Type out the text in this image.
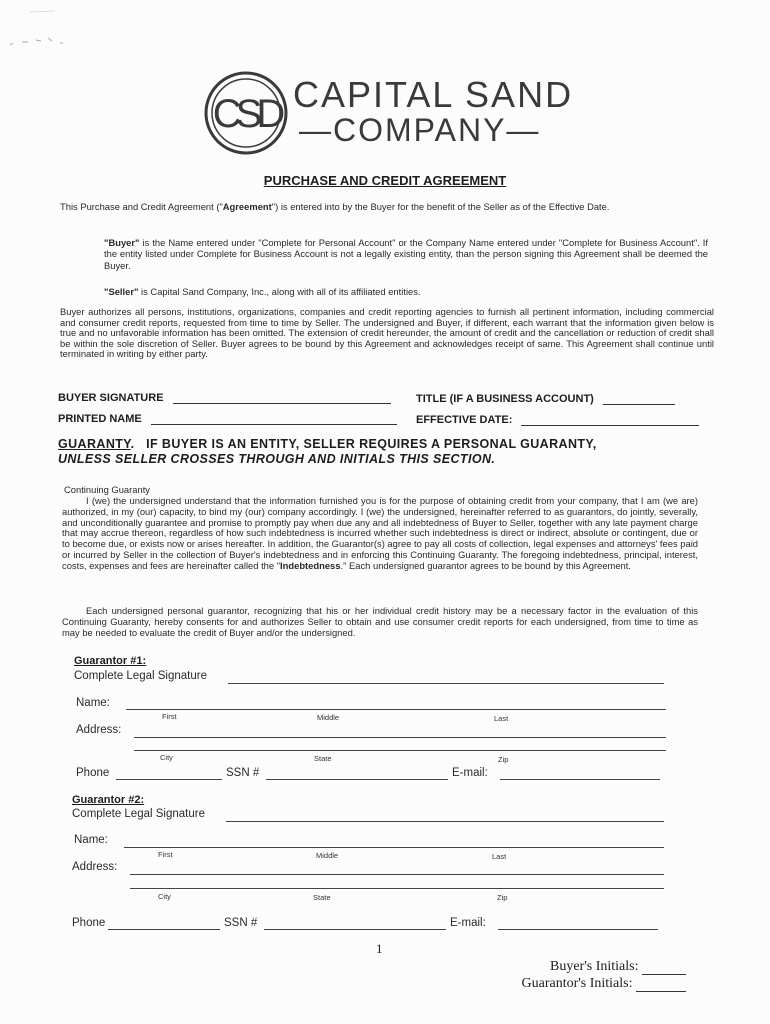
CSD CAPITAL SAND
—COMPANY—
PURCHASE AND CREDIT AGREEMENT
This Purchase and Credit Agreement ("Agreement") is entered into by the Buyer for the benefit of the Seller as of the Effective Date.
"Buyer" is the Name entered under "Complete for Personal Account" or the Company Name entered under "Complete for Business Account". If the entity listed under Complete for Business Account is not a legally existing entity, than the person signing this Agreement shall be deemed the Buyer.
"Seller" is Capital Sand Company, Inc., along with all of its affiliated entities.
Buyer authorizes all persons, institutions, organizations, companies and credit reporting agencies to furnish all pertinent information, including commercial and consumer credit reports, requested from time to time by Seller. The undersigned and Buyer, if different, each warrant that the information given below is true and no unfavorable information has been omitted. The extension of credit hereunder, the amount of credit and the cancellation or reduction of credit shall be within the sole discretion of Seller. Buyer agrees to be bound by this Agreement and acknowledges receipt of same. This Agreement shall continue until terminated in writing by either party.
BUYER SIGNATURE	TITLE (IF A BUSINESS ACCOUNT)
PRINTED NAME	EFFECTIVE DATE:
GUARANTY.   IF BUYER IS AN ENTITY, SELLER REQUIRES A PERSONAL GUARANTY,
UNLESS SELLER CROSSES THROUGH AND INITIALS THIS SECTION.
Continuing Guaranty
I (we) the undersigned understand that the information furnished you is for the purpose of obtaining credit from your company, that I am (we are) authorized, in my (our) capacity, to bind my (our) company accordingly. I (we) the undersigned, hereinafter referred to as guarantors, do jointly, severally, and unconditionally guarantee and promise to promptly pay when due any and all indebtedness of Buyer to Seller, together with any late payment charge that may accrue thereon, regardless of how such indebtedness is incurred whether such indebtedness is direct or indirect, absolute or contingent, due or to become due, or exists now or arises hereafter. In addition, the Guarantor(s) agree to pay all costs of collection, legal expenses and attorneys' fees paid or incurred by Seller in the collection of Buyer's indebtedness and in enforcing this Continuing Guaranty. The foregoing indebtedness, principal, interest, costs, expenses and fees are hereinafter called the "Indebtedness." Each undersigned guarantor agrees to be bound by this Agreement.
Each undersigned personal guarantor, recognizing that his or her individual credit history may be a necessary factor in the evaluation of this Continuing Guaranty, hereby consents for and authorizes Seller to obtain and use consumer credit reports for each undersigned, from time to time as may be needed to evaluate the credit of Buyer and/or the undersigned.
Guarantor #1:
Complete Legal Signature
Name:
First	Middle	Last
Address:
City	State	Zip
Phone	SSN #	E-mail:
Guarantor #2:
Complete Legal Signature
Name:
First	Middle	Last
Address:
City	State	Zip
Phone	SSN #	E-mail:
1
Buyer's Initials:
Guarantor's Initials:
